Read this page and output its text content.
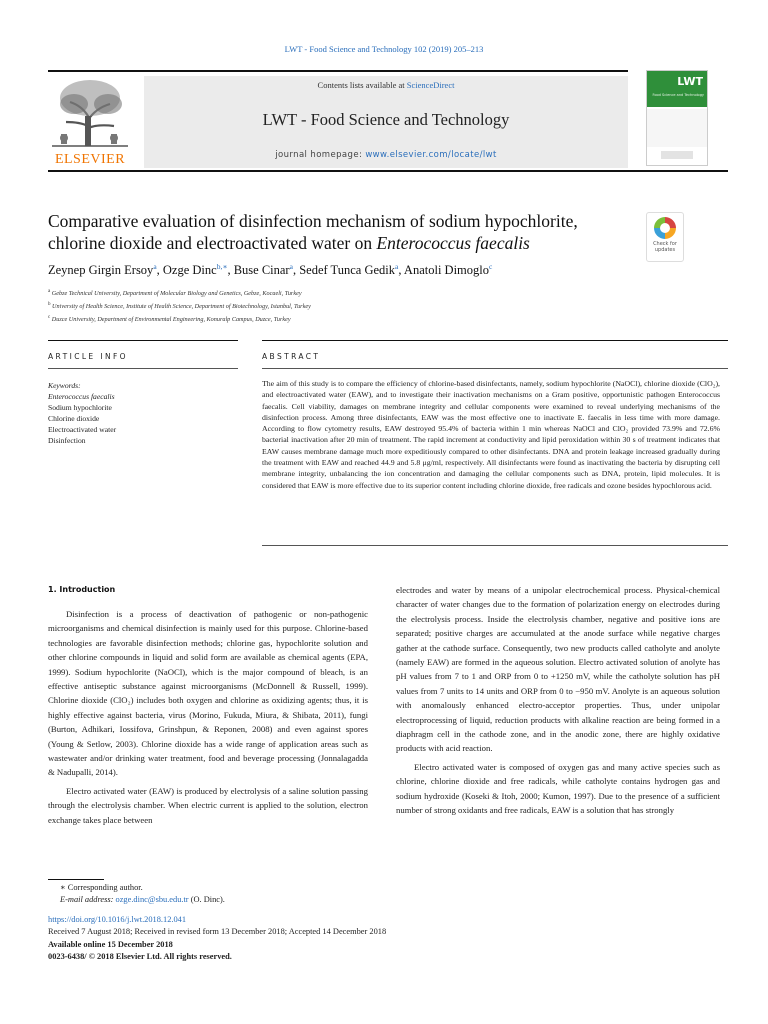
LWT - Food Science and Technology 102 (2019) 205–213
ELSEVIER
Contents lists available at ScienceDirect
LWT - Food Science and Technology
journal homepage: www.elsevier.com/locate/lwt
LWT
Food Science and Technology
Comparative evaluation of disinfection mechanism of sodium hypochlorite, chlorine dioxide and electroactivated water on Enterococcus faecalis	Check for updates
Zeynep Girgin Ersoy$^a$, Ozge Dinc$^{b,∗}$, Buse Cinar$^a$, Sedef Tunca Gedik$^a$, Anatoli Dimoglo$^c$
$^a$ Gebze Technical University, Department of Molecular Biology and Genetics, Gebze, Kocaeli, Turkey
$^b$ University of Health Science, Institute of Health Science, Department of Biotechnology, Istanbul, Turkey
$^c$ Duzce University, Department of Environmental Engineering, Konuralp Campus, Duzce, Turkey
ARTICLE INFO	ABSTRACT
Keywords:
Enterococcus faecalis
Sodium hypochlorite
Chlorine dioxide
Electroactivated water
Disinfection
The aim of this study is to compare the efficiency of chlorine-based disinfectants, namely, sodium hypochlorite (NaOCl), chlorine dioxide (ClO₂), and electroactivated water (EAW), and to investigate their inactivation mechanisms on a Gram positive, opportunistic pathogen Enterococcus faecalis. Cell viability, damages on membrane integrity and cellular components were examined to reveal underlying mechanisms of the disinfection process. Among three disinfectants, EAW was the most effective one to inactivate E. faecalis in less time with more damage. According to flow cytometry results, EAW destroyed 95.4% of bacteria within 1 min whereas NaOCl and ClO₂ provided 73.9% and 72.6% bacterial inactivation after 20 min of treatment. The rapid increment at conductivity and lipid peroxidation within 30 s of treatment indicates that EAW causes membrane damage much more expeditiously compared to other disinfectants. DNA and protein leakage increased gradually during the treatment with EAW and reached 44.9 and 5.8 μg/ml, respectively. All disinfectants were found as inactivating the bacteria by disrupting cell membrane integrity, unbalancing the ion concentration and damaging the cellular components such as DNA, protein, lipid molecules. It is considered that EAW is more effective due to its superior content including chlorine dioxide, free radicals and ozone besides hypochlorous acid.
1. Introduction

Disinfection is a process of deactivation of pathogenic or non-pathogenic microorganisms and chemical disinfection is mainly used for this purpose. Chlorine-based technologies are favorable disinfection methods; chlorine gas, hypochlorite solution and other chlorine compounds in liquid and solid form are available as chemical agents (EPA, 1999). Sodium hypochlorite (NaOCl), which is the major compound of bleach, is an effective antiseptic substance against microorganisms (McDonnell & Russell, 1999). Chlorine dioxide (ClO₂) includes both oxygen and chlorine as oxidizing agents; thus, it is highly effective against bacteria, virus (Morino, Fukuda, Miura, & Shibata, 2011), fungi (Burton, Adhikari, Iossifova, Grinshpun, & Reponen, 2008) and even against spores (Young & Setlow, 2003). Chlorine dioxide has a wide range of application areas such as wastewater and/or drinking water treatment, food and beverage processing (Jonnalagadda & Nadupalli, 2014).

Electro activated water (EAW) is produced by electrolysis of a saline solution passing through the electrolysis chamber. When electric current is applied to the solution, electron exchange takes place between

electrodes and water by means of a unipolar electrochemical process. Physical-chemical character of water changes due to the formation of polarization energy on electrodes during the electrolysis process. Inside the electrolysis chamber, negative and positive ions are separated; positive charges are accumulated at the anode surface while negative charges gather at the cathode surface. Consequently, two new products called catholyte and anolyte (namely EAW) are formed in the aqueous solution. Electro activated solution of anolyte has pH values from 7 to 1 and ORP from 0 to +1250 mV, while the catholyte solution has pH values from 7 units to 14 units and ORP from 0 to −950 mV. Anolyte is an aqueous solution with anomalously enhanced electro-acceptor properties. Thus, under unipolar electroprocessing of liquid, reduction products with alkaline reaction are being formed in a diaphragm cell in the cathode zone, and in the anodic zone, there are highly oxidative products with acid reaction.

Electro activated water is composed of oxygen gas and many active species such as chlorine, chlorine dioxide and free radicals, while catholyte contains hydrogen gas and sodium hydroxide (Koseki & Itoh, 2000; Kumon, 1997). Due to the presence of a sufficient number of strong oxidants and free radicals, EAW is a solution that has strongly

∗ Corresponding author.
E-mail address: ozge.dinc@sbu.edu.tr (O. Dinc).
https://doi.org/10.1016/j.lwt.2018.12.041
Received 7 August 2018; Received in revised form 13 December 2018; Accepted 14 December 2018
Available online 15 December 2018
0023-6438/ © 2018 Elsevier Ltd. All rights reserved.
